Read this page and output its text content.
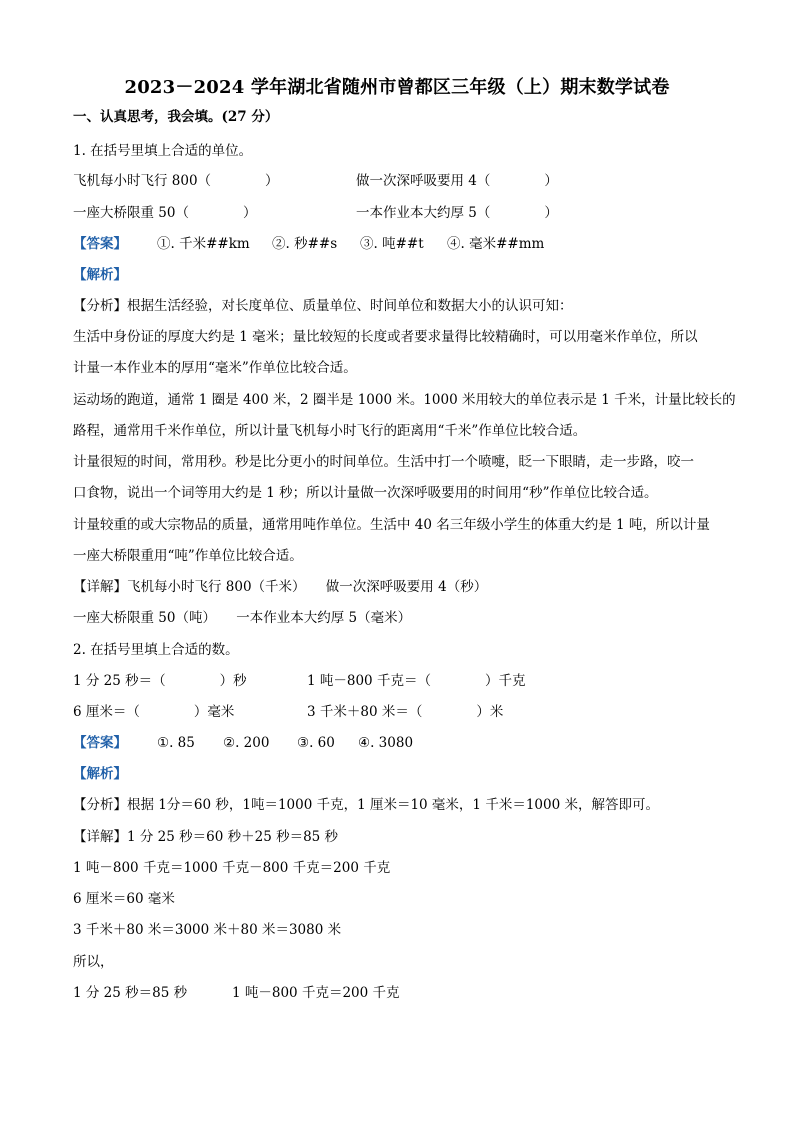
2023－2024 学年湖北省随州市曾都区三年级（上）期末数学试卷
一、认真思考，我会填。(27 分）
1. 在括号里填上合适的单位。
飞机每小时飞行 800（　　　　）	做一次深呼吸要用 4（　　　　）
一座大桥限重 50（　　　　）	一本作业本大约厚 5（　　　　）
【答案】 ①. 千米##km ②. 秒##s ③. 吨##t ④. 毫米##mm
【解析】
【分析】根据生活经验，对长度单位、质量单位、时间单位和数据大小的认识可知：
生活中身份证的厚度大约是 1 毫米；量比较短的长度或者要求量得比较精确时，可以用毫米作单位，所以
计量一本作业本的厚用“毫米”作单位比较合适。
运动场的跑道，通常 1 圈是 400 米，2 圈半是 1000 米。1000 米用较大的单位表示是 1 千米，计量比较长的
路程，通常用千米作单位，所以计量飞机每小时飞行的距离用“千米”作单位比较合适。
计量很短的时间，常用秒。秒是比分更小的时间单位。生活中打一个喷嚏，眨一下眼睛，走一步路，咬一
口食物，说出一个词等用大约是 1 秒；所以计量做一次深呼吸要用的时间用“秒”作单位比较合适。
计量较重的或大宗物品的质量，通常用吨作单位。生活中 40 名三年级小学生的体重大约是 1 吨，所以计量
一座大桥限重用“吨”作单位比较合适。
【详解】飞机每小时飞行 800（千米）　　做一次深呼吸要用 4（秒）
一座大桥限重 50（吨）　　一本作业本大约厚 5（毫米）
2. 在括号里填上合适的数。
1 分 25 秒＝（　　　　）秒	1 吨－800 千克＝（　　　　）千克
6 厘米＝（　　　　）毫米	3 千米＋80 米＝（　　　　）米
【答案】 ①. 85 ②. 200 ③. 60 ④. 3080
【解析】
【分析】根据 1分＝60 秒，1吨＝1000 千克，1 厘米＝10 毫米，1 千米＝1000 米，解答即可。
【详解】1 分 25 秒＝60 秒＋25 秒＝85 秒
1 吨－800 千克＝1000 千克－800 千克＝200 千克
6 厘米＝60 毫米
3 千米＋80 米＝3000 米＋80 米＝3080 米
所以，
1 分 25 秒＝85 秒	1 吨－800 千克＝200 千克
